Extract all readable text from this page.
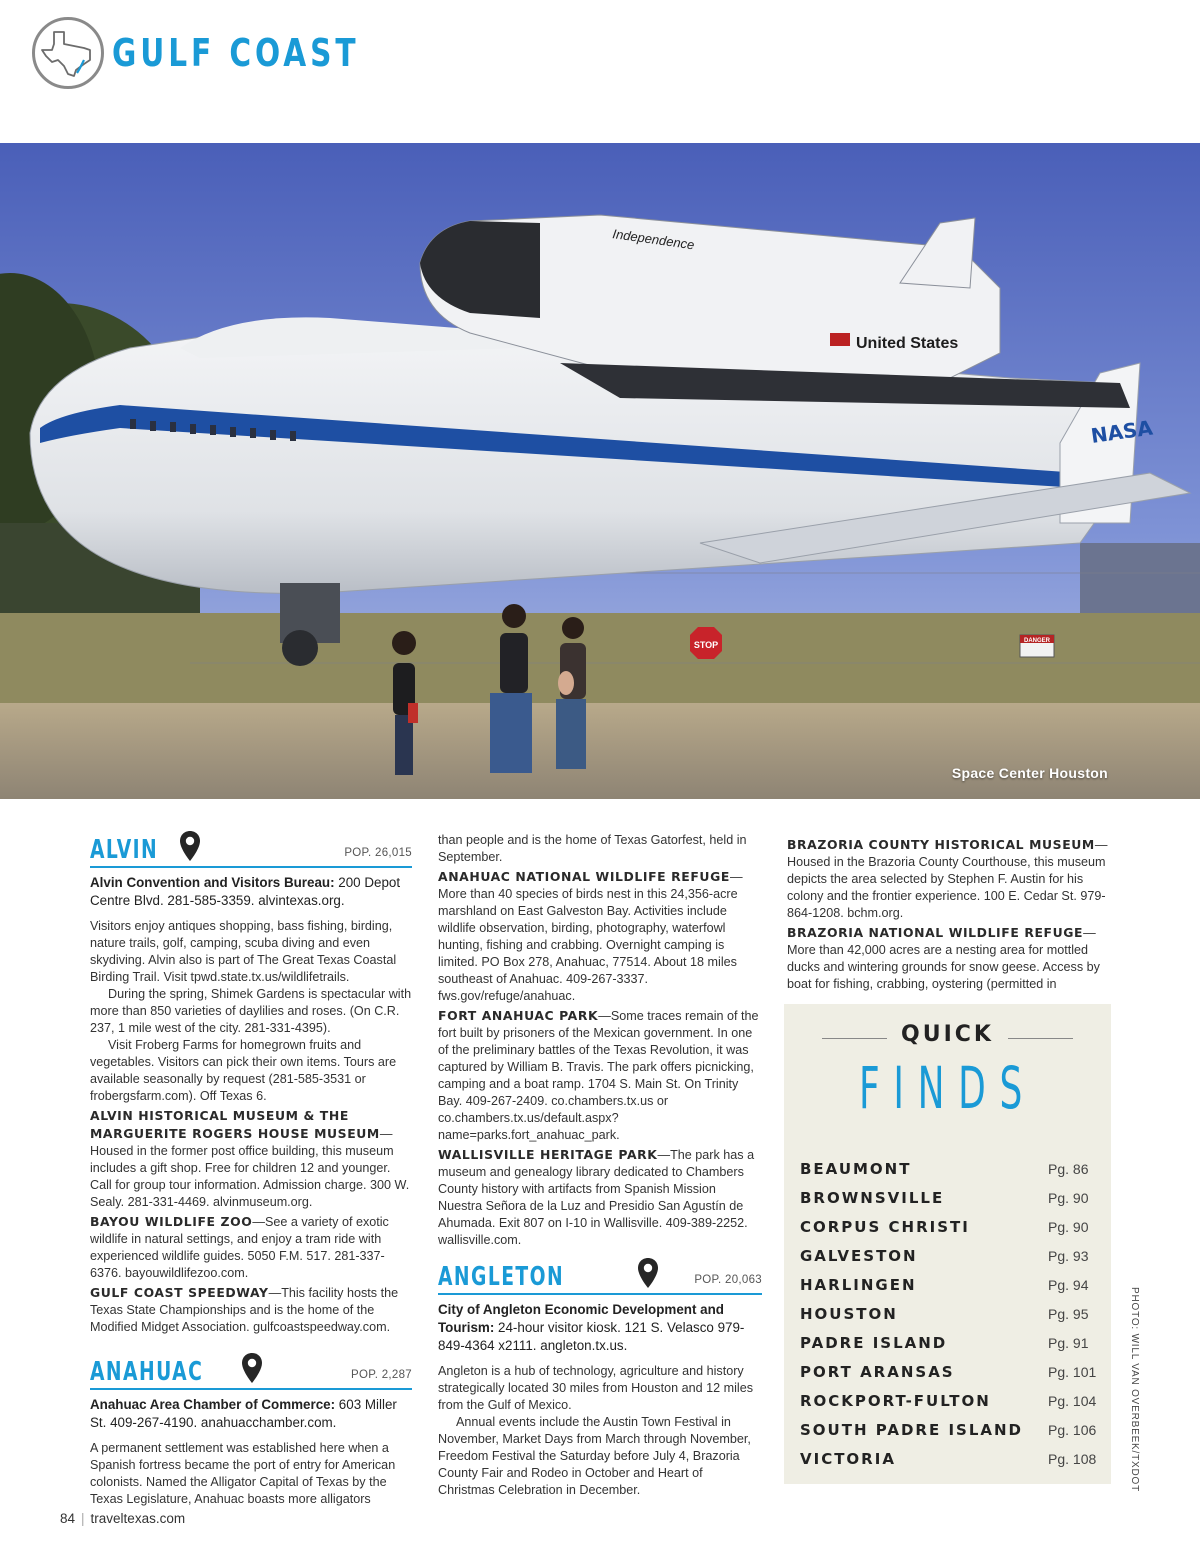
GULF COAST
NASA
Independence
United States
STOP	DANGER
Space Center Houston
ALVIN	POP. 26,015
Alvin Convention and Visitors Bureau: 200 Depot Centre Blvd. 281-585-3359. alvintexas.org.

Visitors enjoy antiques shopping, bass fishing, birding, nature trails, golf, camping, scuba diving and even skydiving. Alvin also is part of The Great Texas Coastal Birding Trail. Visit tpwd.state.tx.us/wildlifetrails.

During the spring, Shimek Gardens is spectacular with more than 850 varieties of daylilies and roses. (On C.R. 237, 1 mile west of the city. 281-331-4395).

Visit Froberg Farms for homegrown fruits and vegetables. Visitors can pick their own items. Tours are available seasonally by request (281-585-3531 or frobergsfarm.com). Off Texas 6.

ALVIN HISTORICAL MUSEUM & THE MARGUERITE ROGERS HOUSE MUSEUM—Housed in the former post office building, this museum includes a gift shop. Free for children 12 and younger. Call for group tour information. Admission charge. 300 W. Sealy. 281-331-4469. alvinmuseum.org.
BAYOU WILDLIFE ZOO—See a variety of exotic wildlife in natural settings, and enjoy a tram ride with experienced wildlife guides. 5050 F.M. 517. 281-337-6376. bayouwildlifezoo.com.
GULF COAST SPEEDWAY—This facility hosts the Texas State Championships and is the home of the Modified Midget Association. gulfcoastspeedway.com.
ANAHUAC	POP. 2,287
Anahuac Area Chamber of Commerce: 603 Miller St. 409-267-4190. anahuacchamber.com.

A permanent settlement was established here when a Spanish fortress became the port of entry for American colonists. Named the Alligator Capital of Texas by the Texas Legislature, Anahuac boasts more alligators

than people and is the home of Texas Gatorfest, held in September.

ANAHUAC NATIONAL WILDLIFE REFUGE—More than 40 species of birds nest in this 24,356-acre marshland on East Galveston Bay. Activities include wildlife observation, birding, photography, waterfowl hunting, fishing and crabbing. Overnight camping is limited. PO Box 278, Anahuac, 77514. About 18 miles southeast of Anahuac. 409-267-3337. fws.gov/refuge/anahuac.
FORT ANAHUAC PARK—Some traces remain of the fort built by prisoners of the Mexican government. In one of the preliminary battles of the Texas Revolution, it was captured by William B. Travis. The park offers picnicking, camping and a boat ramp. 1704 S. Main St. On Trinity Bay. 409-267-2409. co.chambers.tx.us or co.chambers.tx.us/default.aspx?name=parks.fort_anahuac_park.
WALLISVILLE HERITAGE PARK—The park has a museum and genealogy library dedicated to Chambers County history with artifacts from Spanish Mission Nuestra Señora de la Luz and Presidio San Agustín de Ahumada. Exit 807 on I-10 in Wallisville. 409-389-2252. wallisville.com.
ANGLETON	POP. 20,063
City of Angleton Economic Development and Tourism: 24-hour visitor kiosk. 121 S. Velasco 979-849-4364 x2111. angleton.tx.us.

Angleton is a hub of technology, agriculture and history strategically located 30 miles from Houston and 12 miles from the Gulf of Mexico.

Annual events include the Austin Town Festival in November, Market Days from March through November, Freedom Festival the Saturday before July 4, Brazoria County Fair and Rodeo in October and Heart of Christmas Celebration in December.

BRAZORIA COUNTY HISTORICAL MUSEUM—Housed in the Brazoria County Courthouse, this museum depicts the area selected by Stephen F. Austin for his colony and the frontier experience. 100 E. Cedar St. 979-864-1208. bchm.org.
BRAZORIA NATIONAL WILDLIFE REFUGE—More than 42,000 acres are a nesting area for mottled ducks and wintering grounds for snow geese. Access by boat for fishing, crabbing, oystering (permitted in
QUICK
FINDS
BEAUMONT	Pg. 86
BROWNSVILLE	Pg. 90
CORPUS CHRISTI	Pg. 90
GALVESTON	Pg. 93
HARLINGEN	Pg. 94
HOUSTON	Pg. 95
PADRE ISLAND	Pg. 91
PORT ARANSAS	Pg. 101
ROCKPORT-FULTON	Pg. 104
SOUTH PADRE ISLAND Pg. 106
VICTORIA	Pg. 108	PHOTO: WILL VAN OVERBEEK/TXDOT
84 | traveltexas.com
